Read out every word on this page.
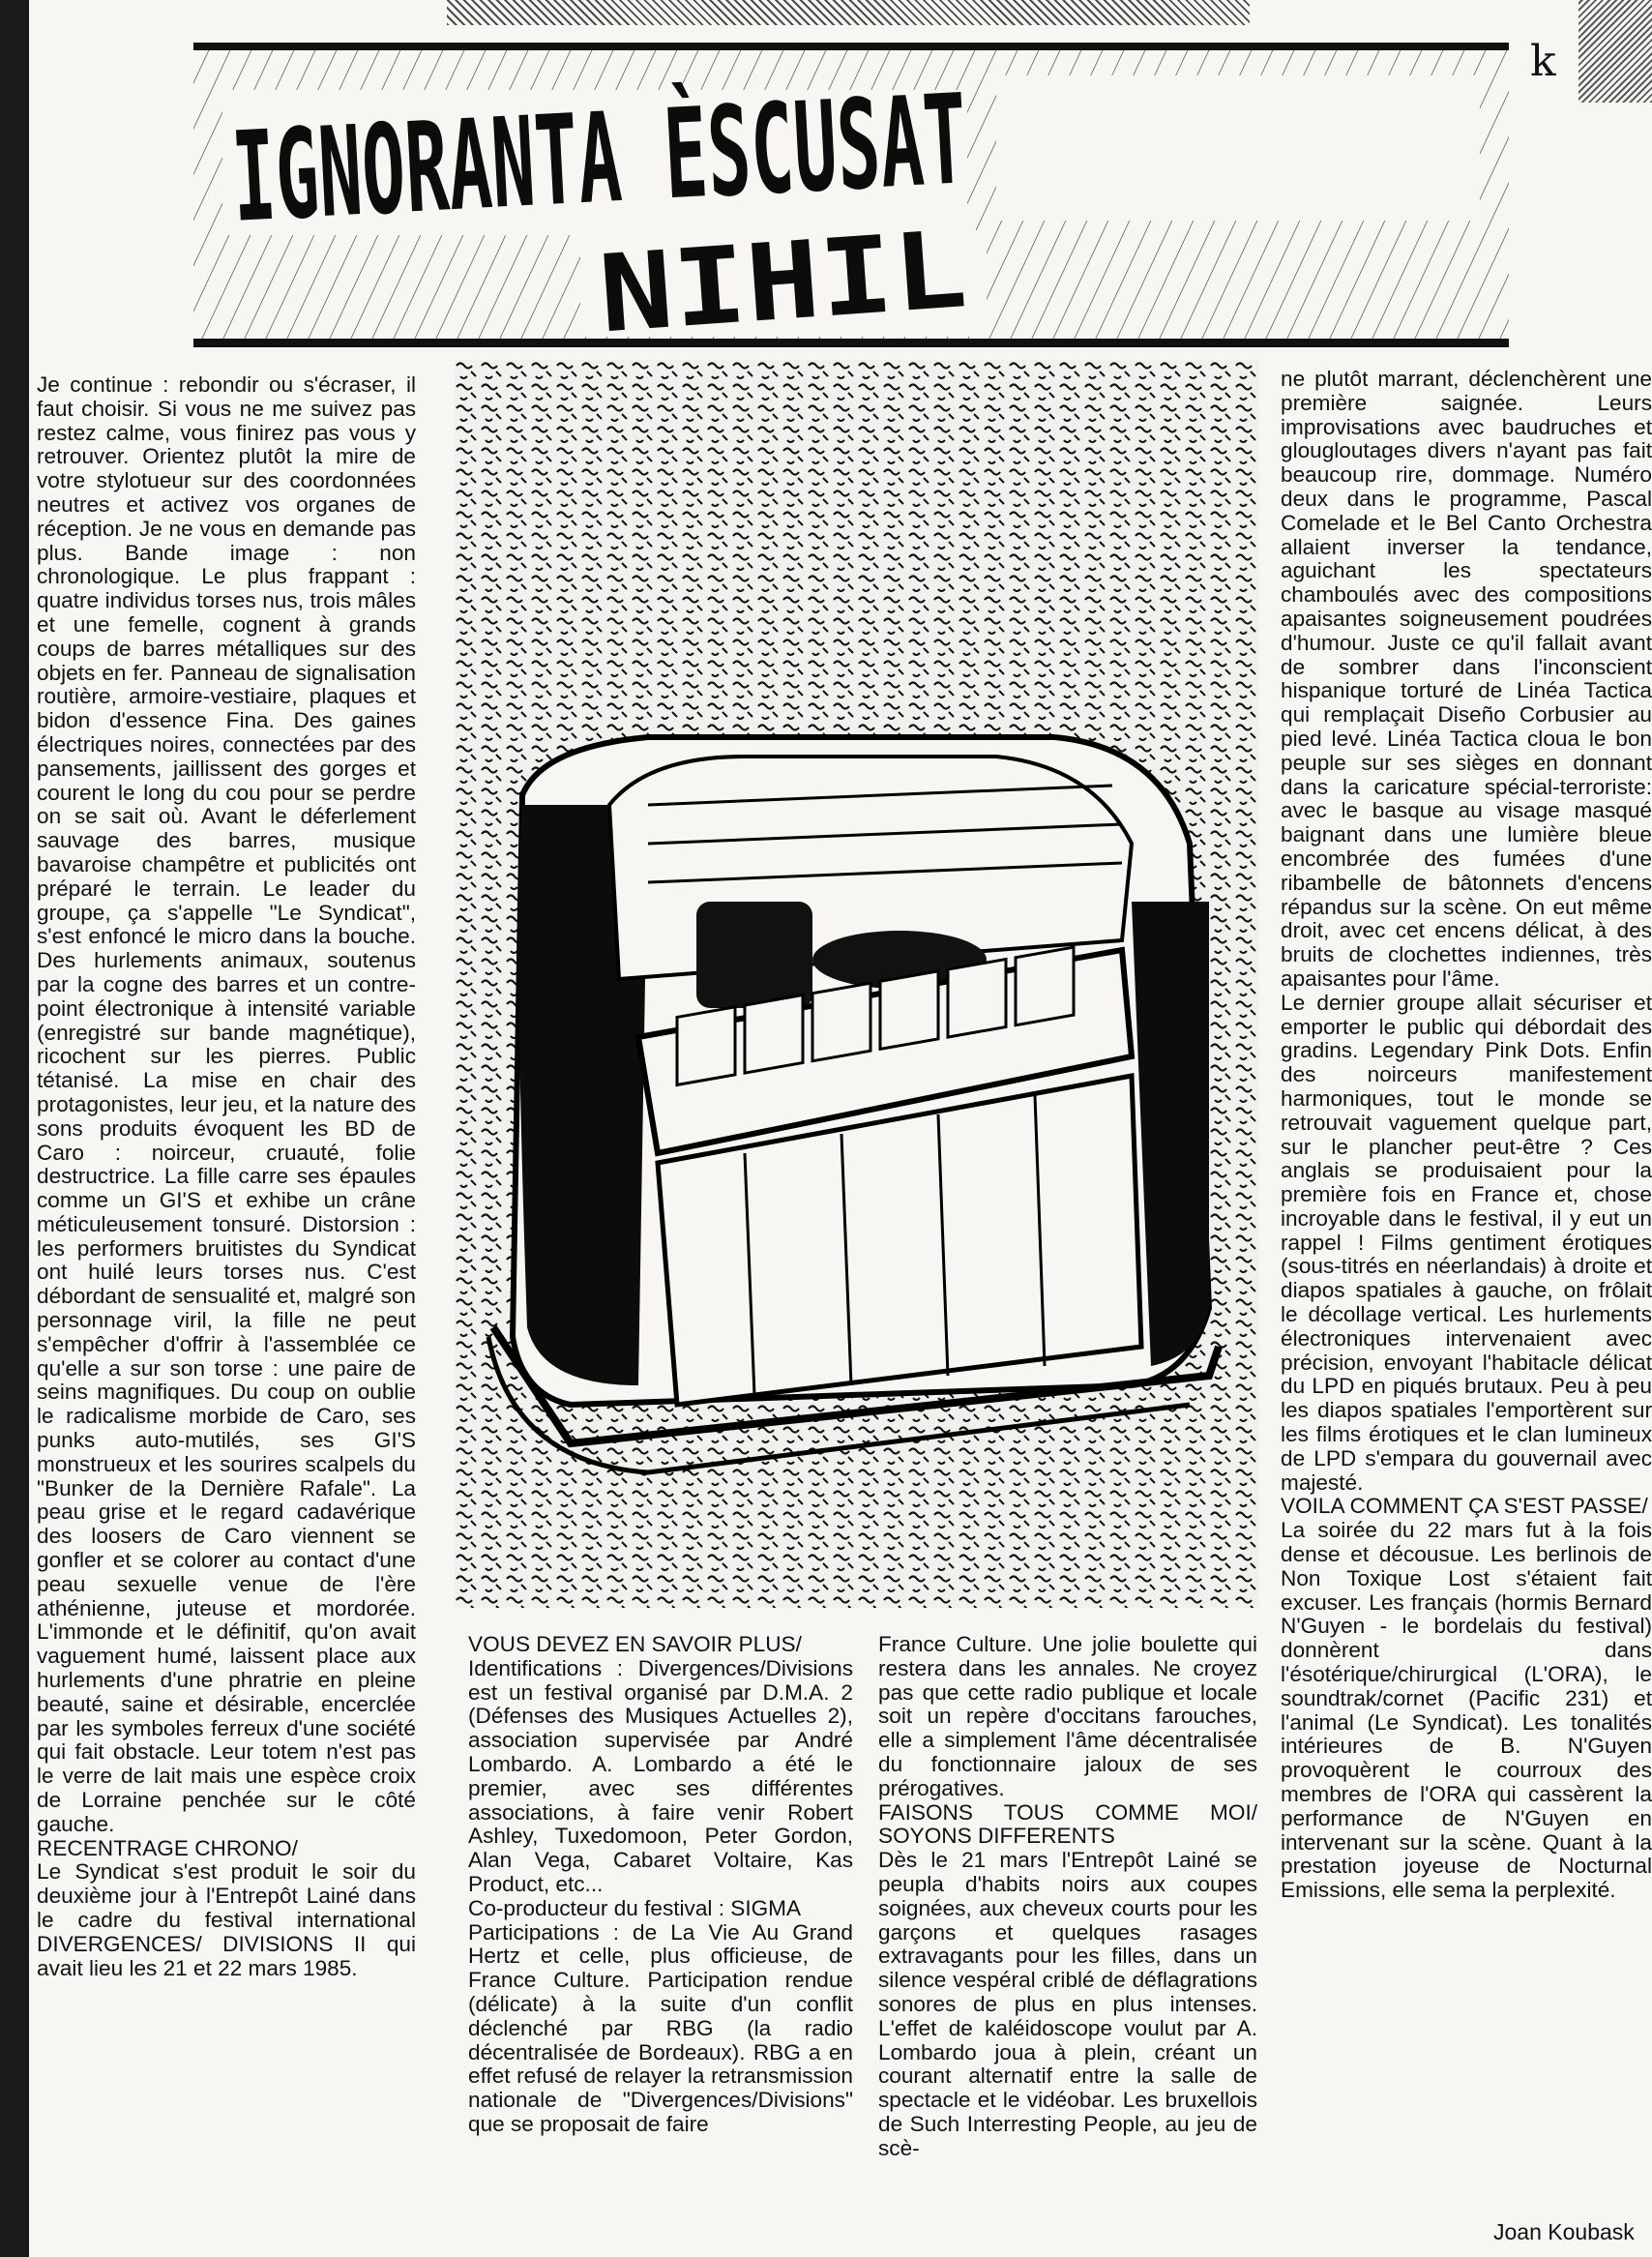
k
IGNORANTA ÈSCUSAT
NIHIL

Je continue : rebondir ou s'écraser, il faut choisir. Si vous ne me suivez pas restez calme, vous finirez pas vous y retrouver. Orientez plutôt la mire de votre stylotueur sur des coordonnées neutres et activez vos organes de réception. Je ne vous en demande pas plus. Bande image : non chronologique. Le plus frappant : quatre individus torses nus, trois mâles et une femelle, cognent à grands coups de barres métalliques sur des objets en fer. Panneau de signalisation routière, armoire-vestiaire, plaques et bidon d'essence Fina. Des gaines électriques noires, connectées par des pansements, jaillissent des gorges et courent le long du cou pour se perdre on se sait où. Avant le déferlement sauvage des barres, musique bavaroise champêtre et publicités ont préparé le terrain. Le leader du groupe, ça s'appelle "Le Syndicat", s'est enfoncé le micro dans la bouche. Des hurlements animaux, soutenus par la cogne des barres et un contre-point électronique à intensité variable (enregistré sur bande magnétique), ricochent sur les pierres. Public tétanisé. La mise en chair des protagonistes, leur jeu, et la nature des sons produits évoquent les BD de Caro : noirceur, cruauté, folie destructrice. La fille carre ses épaules comme un GI'S et exhibe un crâne méticuleusement tonsuré. Distorsion : les performers bruitistes du Syndicat ont huilé leurs torses nus. C'est débordant de sensualité et, malgré son personnage viril, la fille ne peut s'empêcher d'offrir à l'assemblée ce qu'elle a sur son torse : une paire de seins magnifiques. Du coup on oublie le radicalisme morbide de Caro, ses punks auto-mutilés, ses GI'S monstrueux et les sourires scalpels du "Bunker de la Dernière Rafale". La peau grise et le regard cadavérique des loosers de Caro viennent se gonfler et se colorer au contact d'une peau sexuelle venue de l'ère athénienne, juteuse et mordorée. L'immonde et le définitif, qu'on avait vaguement humé, laissent place aux hurlements d'une phratrie en pleine beauté, saine et désirable, encerclée par les symboles ferreux d'une société qui fait obstacle. Leur totem n'est pas le verre de lait mais une espèce croix de Lorraine penchée sur le côté gauche.

RECENTRAGE CHRONO/

Le Syndicat s'est produit le soir du deuxième jour à l'Entrepôt Lainé dans le cadre du festival international DIVERGENCES/ DIVISIONS II qui avait lieu les 21 et 22 mars 1985.

VOUS DEVEZ EN SAVOIR PLUS/

Identifications : Divergences/Divisions est un festival organisé par D.M.A. 2 (Défenses des Musiques Actuelles 2), association supervisée par André Lombardo. A. Lombardo a été le premier, avec ses différentes associations, à faire venir Robert Ashley, Tuxedomoon, Peter Gordon, Alan Vega, Cabaret Voltaire, Kas Product, etc...

Co-producteur du festival : SIGMA

Participations : de La Vie Au Grand Hertz et celle, plus officieuse, de France Culture. Participation rendue (délicate) à la suite d'un conflit déclenché par RBG (la radio décentralisée de Bordeaux). RBG a en effet refusé de relayer la retransmission nationale de "Divergences/Divisions" que se proposait de faire

France Culture. Une jolie boulette qui restera dans les annales. Ne croyez pas que cette radio publique et locale soit un repère d'occitans farouches, elle a simplement l'âme décentralisée du fonctionnaire jaloux de ses prérogatives.

FAISONS TOUS COMME MOI/ SOYONS DIFFERENTS

Dès le 21 mars l'Entrepôt Lainé se peupla d'habits noirs aux coupes soignées, aux cheveux courts pour les garçons et quelques rasages extravagants pour les filles, dans un silence vespéral criblé de déflagrations sonores de plus en plus intenses. L'effet de kaléidoscope voulut par A. Lombardo joua à plein, créant un courant alternatif entre la salle de spectacle et le vidéobar. Les bruxellois de Such Interresting People, au jeu de scè-

ne plutôt marrant, déclenchèrent une première saignée. Leurs improvisations avec baudruches et glougloutages divers n'ayant pas fait beaucoup rire, dommage. Numéro deux dans le programme, Pascal Comelade et le Bel Canto Orchestra allaient inverser la tendance, aguichant les spectateurs chamboulés avec des compositions apaisantes soigneusement poudrées d'humour. Juste ce qu'il fallait avant de sombrer dans l'inconscient hispanique torturé de Linéa Tactica qui remplaçait Diseño Corbusier au pied levé. Linéa Tactica cloua le bon peuple sur ses sièges en donnant dans la caricature spécial-terroriste: avec le basque au visage masqué baignant dans une lumière bleue encombrée des fumées d'une ribambelle de bâtonnets d'encens répandus sur la scène. On eut même droit, avec cet encens délicat, à des bruits de clochettes indiennes, très apaisantes pour l'âme.

Le dernier groupe allait sécuriser et emporter le public qui débordait des gradins. Legendary Pink Dots. Enfin des noirceurs manifestement harmoniques, tout le monde se retrouvait vaguement quelque part, sur le plancher peut-être ? Ces anglais se produisaient pour la première fois en France et, chose incroyable dans le festival, il y eut un rappel ! Films gentiment érotiques (sous-titrés en néerlandais) à droite et diapos spatiales à gauche, on frôlait le décollage vertical. Les hurlements électroniques intervenaient avec précision, envoyant l'habitacle délicat du LPD en piqués brutaux. Peu à peu les diapos spatiales l'emportèrent sur les films érotiques et le clan lumineux de LPD s'empara du gouvernail avec majesté.

VOILA COMMENT ÇA S'EST PASSE/

La soirée du 22 mars fut à la fois dense et décousue. Les berlinois de Non Toxique Lost s'étaient fait excuser. Les français (hormis Bernard N'Guyen - le bordelais du festival) donnèrent dans l'ésotérique/chirurgical (L'ORA), le soundtrak/cornet (Pacific 231) et l'animal (Le Syndicat). Les tonalités intérieures de B. N'Guyen provoquèrent le courroux des membres de l'ORA qui cassèrent la performance de N'Guyen en intervenant sur la scène. Quant à la prestation joyeuse de Nocturnal Emissions, elle sema la perplexité.

Joan Koubask
